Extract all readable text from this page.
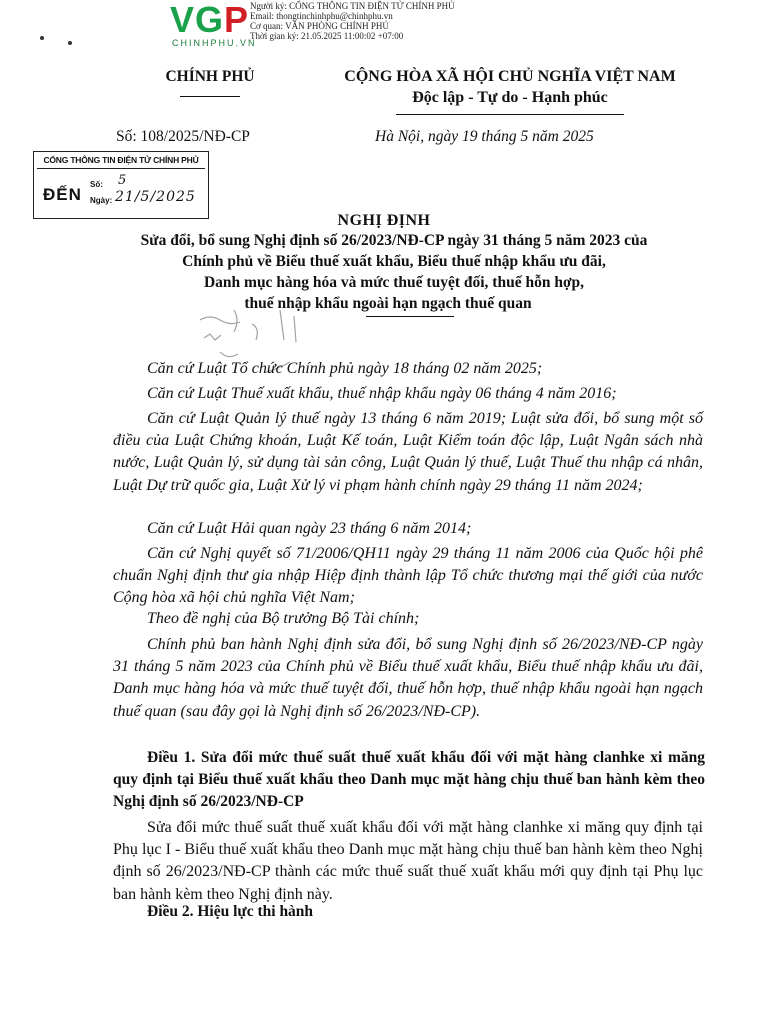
VGP
CHINHPHU.VN
Người ký: CỔNG THÔNG TIN ĐIỆN TỬ CHÍNH PHỦ
Email: thongtinchinhphu@chinhphu.vn
Cơ quan: VĂN PHÒNG CHÍNH PHỦ
Thời gian ký: 21.05.2025 11:00:02 +07:00
CHÍNH PHỦ	CỘNG HÒA XÃ HỘI CHỦ NGHĨA VIỆT NAM
Độc lập - Tự do - Hạnh phúc
Số: 108/2025/NĐ-CP	Hà Nội, ngày 19 tháng 5 năm 2025
CỔNG THÔNG TIN ĐIỆN TỬ CHÍNH PHỦ
ĐẾN
Số: 5
Ngày: 21/5/2025
NGHỊ ĐỊNH
Sửa đổi, bổ sung Nghị định số 26/2023/NĐ-CP ngày 31 tháng 5 năm 2023 của
Chính phủ về Biểu thuế xuất khẩu, Biểu thuế nhập khẩu ưu đãi,
Danh mục hàng hóa và mức thuế tuyệt đối, thuế hỗn hợp,
thuế nhập khẩu ngoài hạn ngạch thuế quan
Căn cứ Luật Tổ chức Chính phủ ngày 18 tháng 02 năm 2025;
Căn cứ Luật Thuế xuất khẩu, thuế nhập khẩu ngày 06 tháng 4 năm 2016;
Căn cứ Luật Quản lý thuế ngày 13 tháng 6 năm 2019; Luật sửa đổi, bổ sung một số điều của Luật Chứng khoán, Luật Kế toán, Luật Kiểm toán độc lập, Luật Ngân sách nhà nước, Luật Quản lý, sử dụng tài sản công, Luật Quản lý thuế, Luật Thuế thu nhập cá nhân, Luật Dự trữ quốc gia, Luật Xử lý vi phạm hành chính ngày 29 tháng 11 năm 2024;
Căn cứ Luật Hải quan ngày 23 tháng 6 năm 2014;
Căn cứ Nghị quyết số 71/2006/QH11 ngày 29 tháng 11 năm 2006 của Quốc hội phê chuẩn Nghị định thư gia nhập Hiệp định thành lập Tổ chức thương mại thế giới của nước Cộng hòa xã hội chủ nghĩa Việt Nam;
Theo đề nghị của Bộ trưởng Bộ Tài chính;
Chính phủ ban hành Nghị định sửa đổi, bổ sung Nghị định số 26/2023/NĐ-CP ngày 31 tháng 5 năm 2023 của Chính phủ về Biểu thuế xuất khẩu, Biểu thuế nhập khẩu ưu đãi, Danh mục hàng hóa và mức thuế tuyệt đối, thuế hỗn hợp, thuế nhập khẩu ngoài hạn ngạch thuế quan (sau đây gọi là Nghị định số 26/2023/NĐ-CP).
Điều 1. Sửa đổi mức thuế suất thuế xuất khẩu đối với mặt hàng clanhke xi măng quy định tại Biểu thuế xuất khẩu theo Danh mục mặt hàng chịu thuế ban hành kèm theo Nghị định số 26/2023/NĐ-CP
Sửa đổi mức thuế suất thuế xuất khẩu đối với mặt hàng clanhke xi măng quy định tại Phụ lục I - Biểu thuế xuất khẩu theo Danh mục mặt hàng chịu thuế ban hành kèm theo Nghị định số 26/2023/NĐ-CP thành các mức thuế suất thuế xuất khẩu mới quy định tại Phụ lục ban hành kèm theo Nghị định này.
Điều 2. Hiệu lực thi hành
